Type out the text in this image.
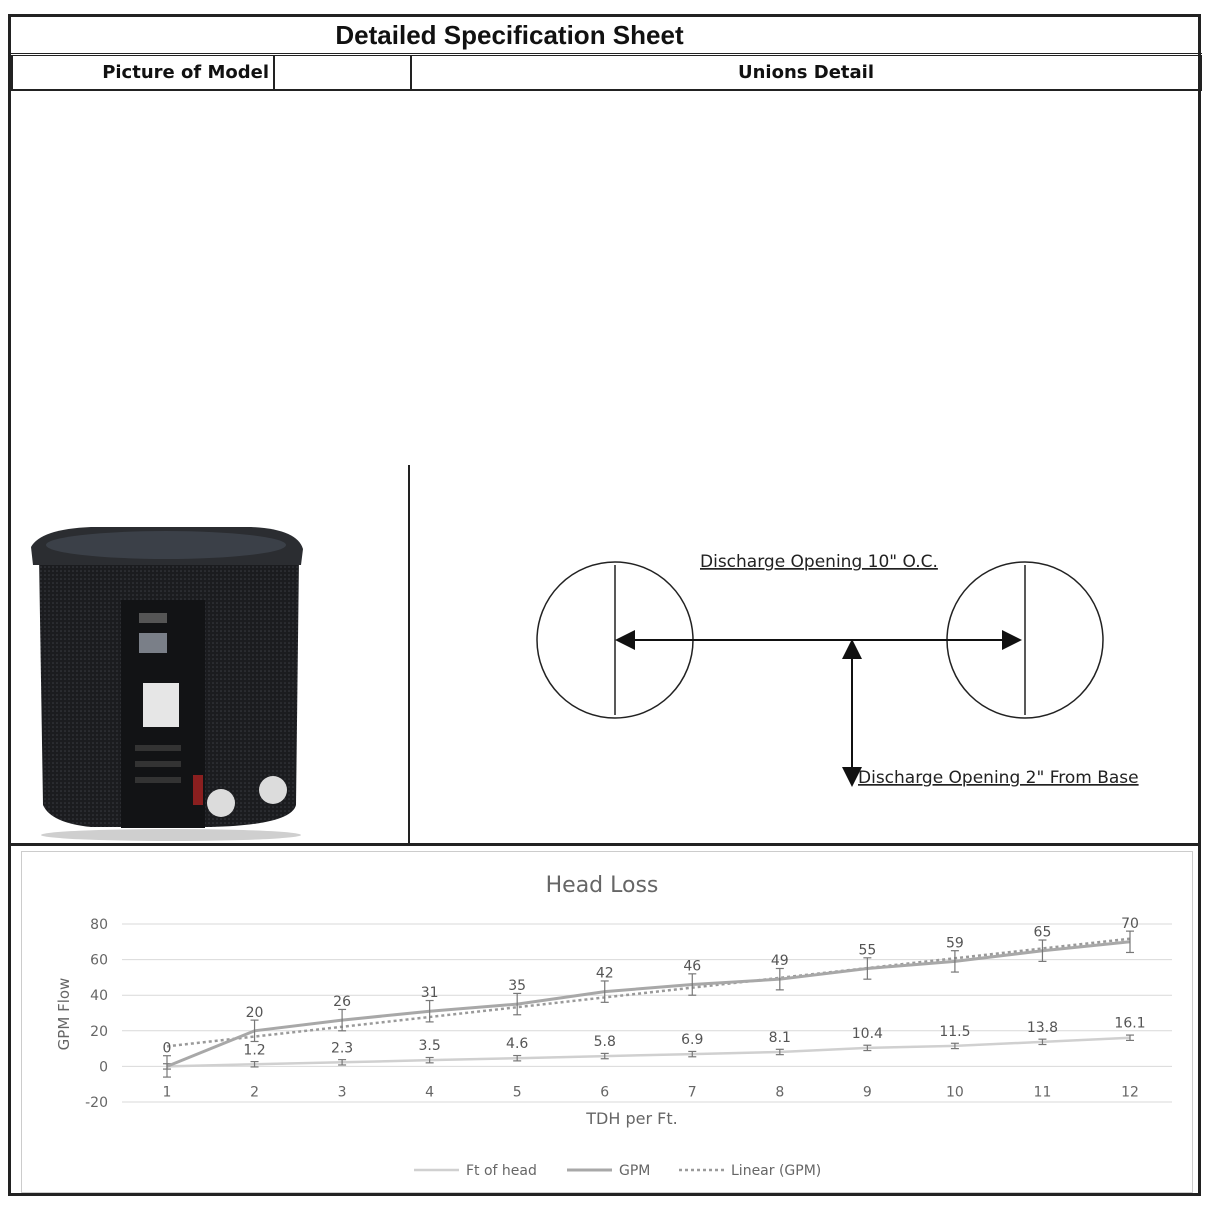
Detailed Specification Sheet
Picture of Model		Unions Detail
Discharge Opening 10" O.C.
Discharge Opening 2" From Base
Head Loss
GPM Flow
TDH per Ft.
-20
0
20
40
60
80
1	2	3	4	5	6	7	8	9	10	11	12
1.2	2.3	3.5	4.6	5.8	6.9	8.1	10.4	11.5	13.8	16.1
0
20
26
31	35
42	46	49
55	59
65
70
Ft of head	GPM	Linear (GPM)
